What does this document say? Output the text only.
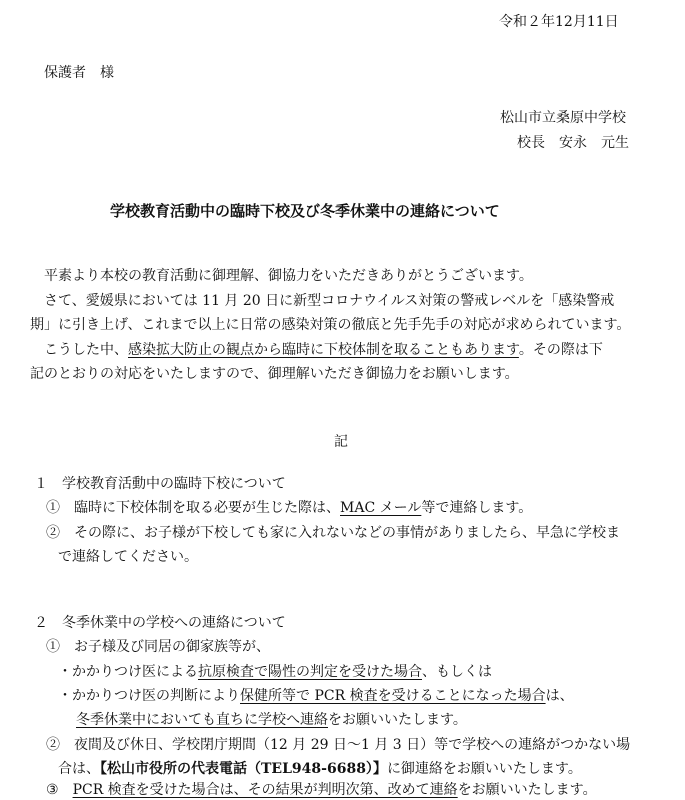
令和２年12月11日
保護者　様
松山市立桑原中学校
校長　安永　元生
学校教育活動中の臨時下校及び冬季休業中の連絡について
平素より本校の教育活動に御理解、御協力をいただきありがとうございます。
さて、愛媛県においては 11 月 20 日に新型コロナウイルス対策の警戒レベルを「感染警戒
期」に引き上げ、これまで以上に日常の感染対策の徹底と先手先手の対応が求められています。
こうした中、感染拡大防止の観点から臨時に下校体制を取ることもあります。その際は下
記のとおりの対応をいたしますので、御理解いただき御協力をお願いします。
記
１　学校教育活動中の臨時下校について
①　臨時に下校体制を取る必要が生じた際は、MAC メール等で連絡します。
②　その際に、お子様が下校しても家に入れないなどの事情がありましたら、早急に学校ま
で連絡してください。
２　冬季休業中の学校への連絡について
①　お子様及び同居の御家族等が、
・かかりつけ医による抗原検査で陽性の判定を受けた場合、もしくは
・かかりつけ医の判断により保健所等で PCR 検査を受けることになった場合は、
冬季休業中においても直ちに学校へ連絡をお願いいたします。
②　夜間及び休日、学校閉庁期間（12 月 29 日～1 月 3 日）等で学校への連絡がつかない場
合は、【松山市役所の代表電話（TEL948-6688）】に御連絡をお願いいたします。
③　PCR 検査を受けた場合は、その結果が判明次第、改めて連絡をお願いいたします。
